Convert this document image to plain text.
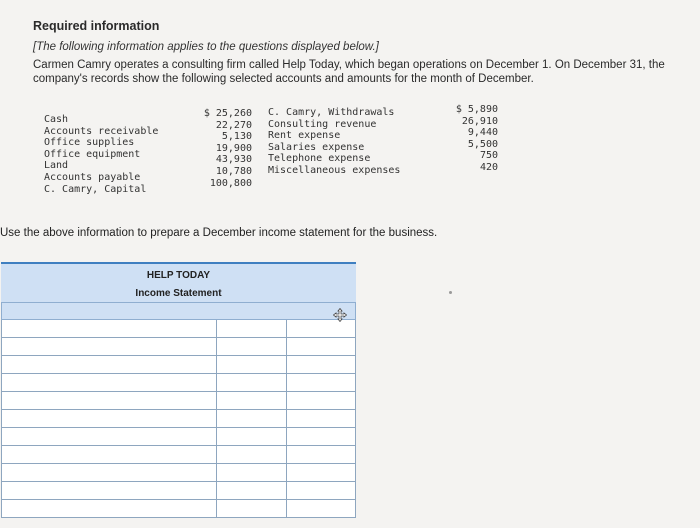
Required information
[The following information applies to the questions displayed below.]
Carmen Camry operates a consulting firm called Help Today, which began operations on December 1. On December 31, the company's records show the following selected accounts and amounts for the month of December.
Cash
Accounts receivable
Office supplies
Office equipment
Land
Accounts payable
C. Camry, Capital
$ 25,260
22,270
5,130
19,900
43,930
10,780
100,800
C. Camry, Withdrawals
Consulting revenue
Rent expense
Salaries expense
Telephone expense
Miscellaneous expenses
$ 5,890
26,910
9,440
5,500
750
420
Use the above information to prepare a December income statement for the business.
HELP TODAY
Income Statement
